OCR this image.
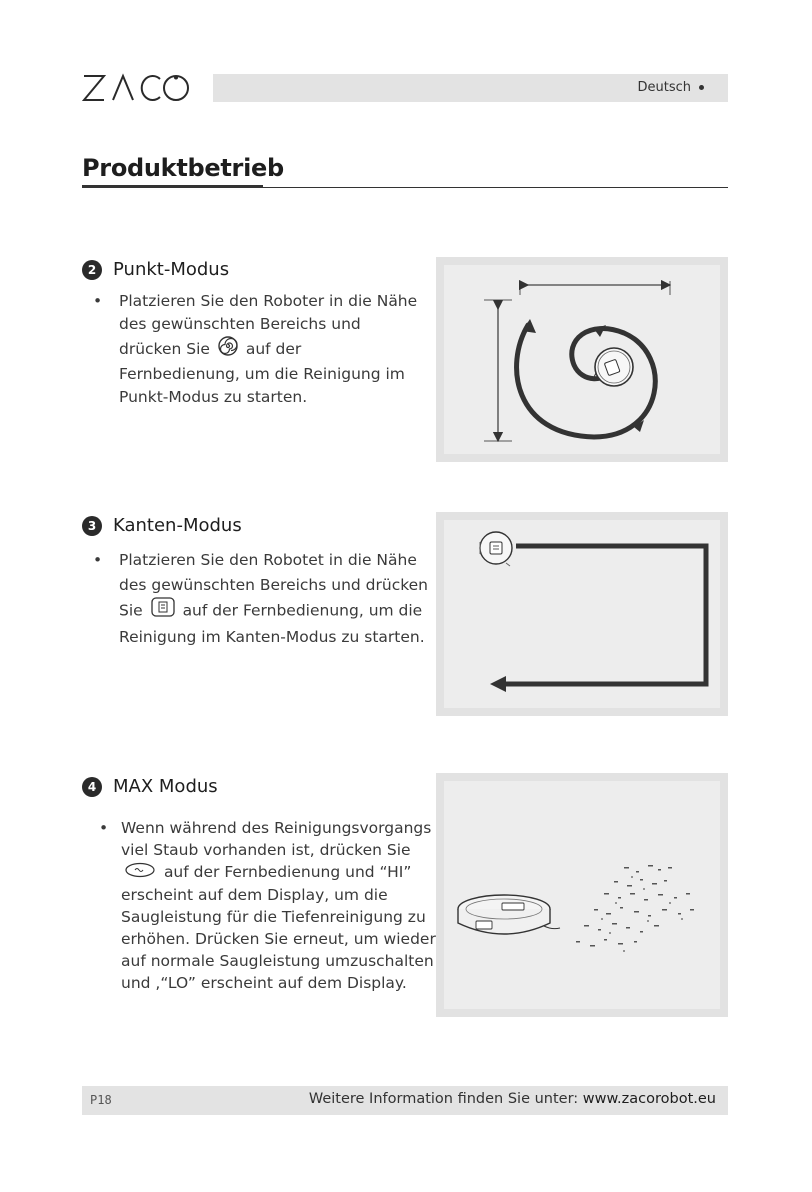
Deutsch
Produktbetrieb
2 Punkt-Modus
•	Platzieren Sie den Roboter in die Nähe des gewünschten Bereichs und drücken Sie auf der Fernbedienung, um die Reinigung im Punkt-Modus zu starten.
3 Kanten-Modus
•	Platzieren Sie den Robotet in die Nähe des gewünschten Bereichs und drücken Sie	auf der Fernbedienung, um die Reinigung im Kanten-Modus zu starten.
4 MAX Modus
• Wenn während des Reinigungsvorgangs viel Staub vorhanden ist, drücken Sie  auf der Fernbedienung und “HI” erscheint auf dem Display, um die Saugleistung für die Tiefenreinigung zu erhöhen. Drücken Sie erneut, um wieder auf normale Saugleistung umzuschalten und ,“LO” erscheint auf dem Display.
P18	Weitere Information finden Sie unter: www.zacorobot.eu
